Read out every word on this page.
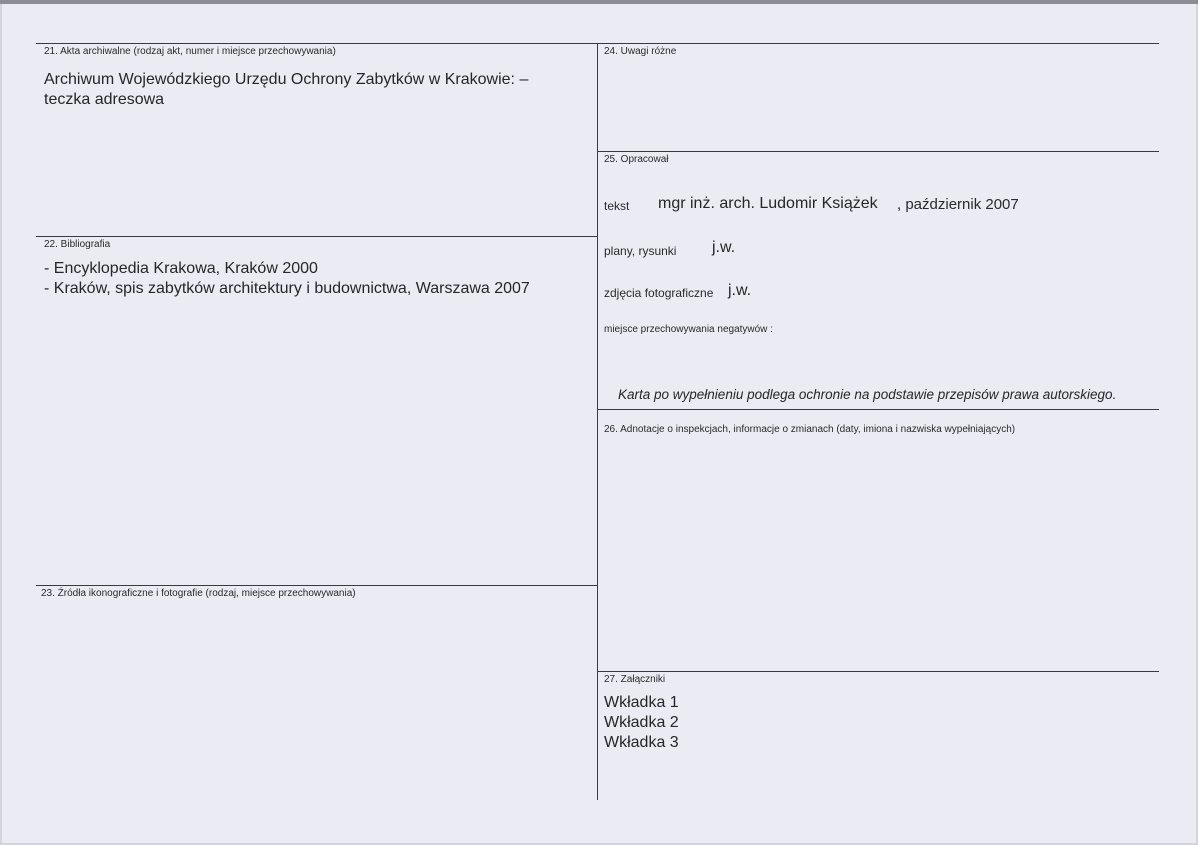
21. Akta archiwalne (rodzaj akt, numer i miejsce przechowywania)
Archiwum Wojewódzkiego Urzędu Ochrony Zabytków w Krakowie: –
teczka adresowa
22. Bibliografia
- Encyklopedia Krakowa, Kraków 2000
- Kraków, spis zabytków architektury i budownictwa, Warszawa 2007
23. Źródła ikonograficzne i fotografie (rodzaj, miejsce przechowywania)
24. Uwagi różne
25. Opracował
tekst mgr inż. arch. Ludomir Książek , październik 2007
plany, rysunki j.w.
zdjęcia fotograficzne j.w.
miejsce przechowywania negatywów :
Karta po wypełnieniu podlega ochronie na podstawie przepisów prawa autorskiego.
26. Adnotacje o inspekcjach, informacje o zmianach (daty, imiona i nazwiska wypełniających)
27. Załączniki
Wkładka 1
Wkładka 2
Wkładka 3
